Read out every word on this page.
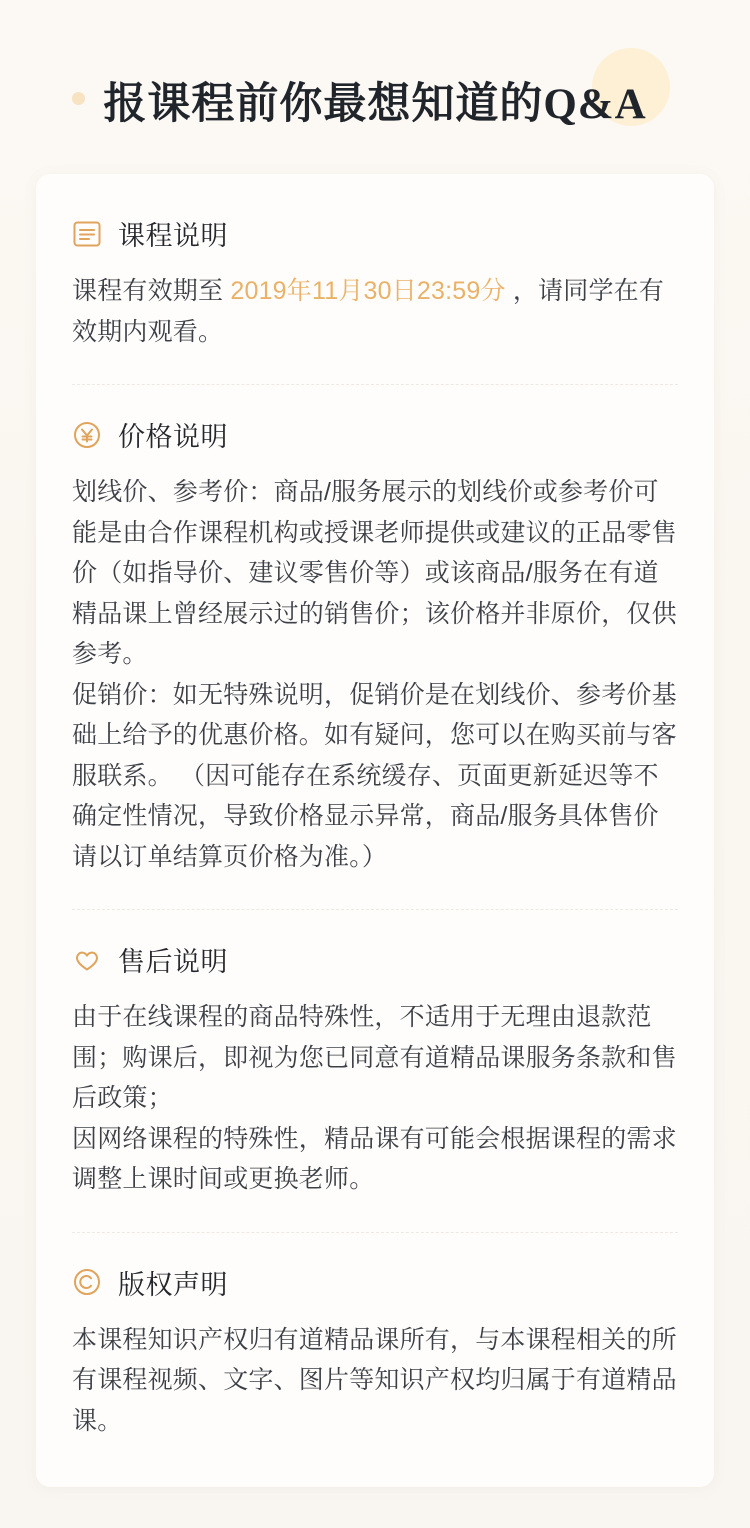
报课程前你最想知道的Q&A
课程说明

课程有效期至 2019年11月30日23:59分 ，请同学在有效期内观看。

价格说明

划线价、参考价：商品/服务展示的划线价或参考价可能是由合作课程机构或授课老师提供或建议的正品零售价（如指导价、建议零售价等）或该商品/服务在有道精品课上曾经展示过的销售价；该价格并非原价，仅供参考。

促销价：如无特殊说明，促销价是在划线价、参考价基础上给予的优惠价格。如有疑问，您可以在购买前与客服联系。 （因可能存在系统缓存、页面更新延迟等不确定性情况，导致价格显示异常，商品/服务具体售价请以订单结算页价格为准。）

售后说明

由于在线课程的商品特殊性，不适用于无理由退款范围；购课后，即视为您已同意有道精品课服务条款和售后政策；

因网络课程的特殊性，精品课有可能会根据课程的需求调整上课时间或更换老师。

版权声明

本课程知识产权归有道精品课所有，与本课程相关的所有课程视频、文字、图片等知识产权均归属于有道精品课。
